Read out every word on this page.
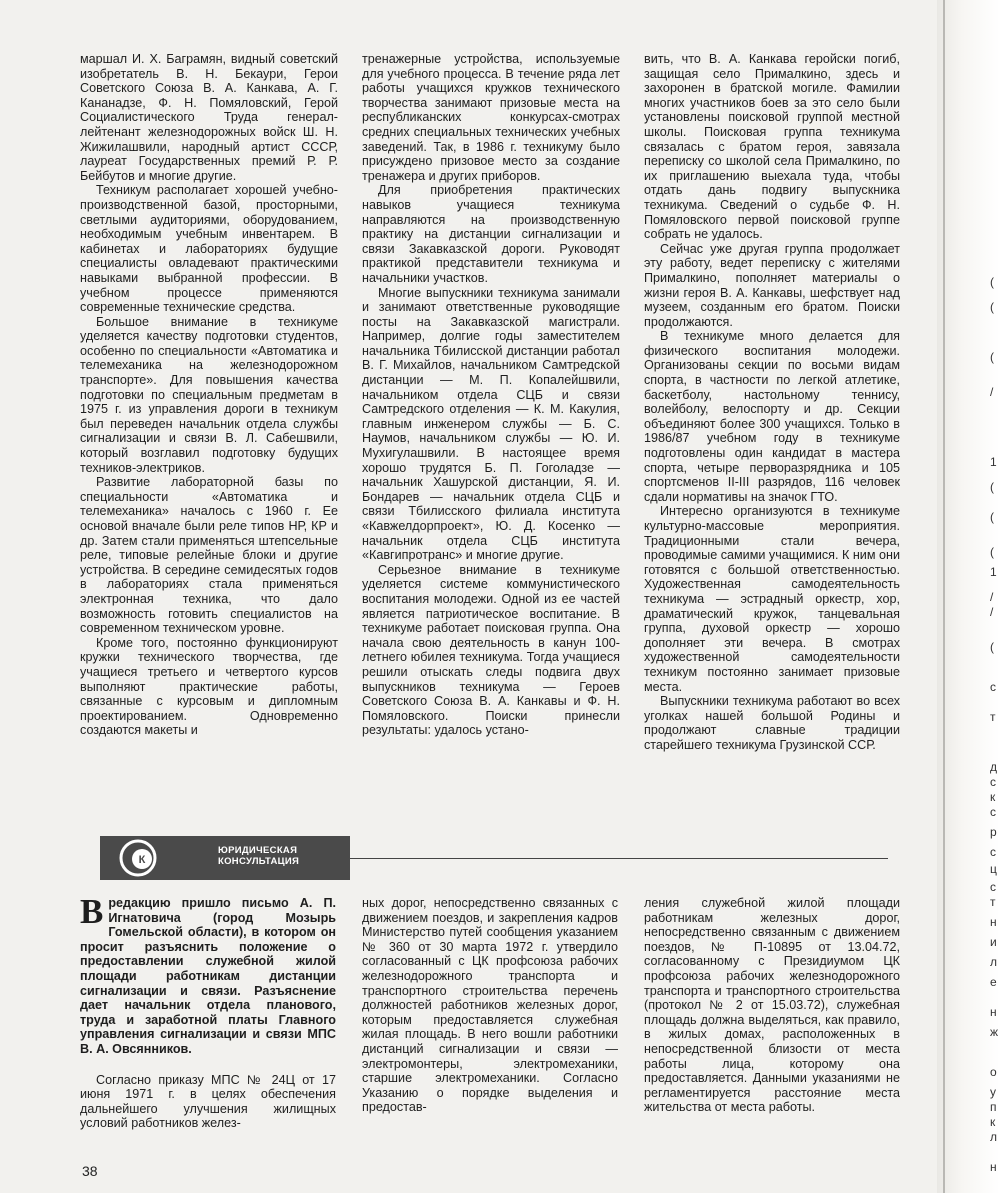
маршал И. Х. Баграмян, видный советский изобретатель В. Н. Бекаури, Герои Советского Союза В. А. Канкава, А. Г. Кананадзе, Ф. Н. Помяловский, Герой Социалистического Труда генерал-лейтенант железнодорожных войск Ш. Н. Жижилашвили, народный артист СССР, лауреат Государственных премий Р. Р. Бейбутов и многие другие.

Техникум располагает хорошей учебно-производственной базой, просторными, светлыми аудиториями, оборудованием, необходимым учебным инвентарем. В кабинетах и лабораториях будущие специалисты овладевают практическими навыками выбранной профессии. В учебном процессе применяются современные технические средства.

Большое внимание в техникуме уделяется качеству подготовки студентов, особенно по специальности «Автоматика и телемеханика на железнодорожном транспорте». Для повышения качества подготовки по специальным предметам в 1975 г. из управления дороги в техникум был переведен начальник отдела службы сигнализации и связи В. Л. Сабешвили, который возглавил подготовку будущих техников-электриков.

Развитие лабораторной базы по специальности «Автоматика и телемеханика» началось с 1960 г. Ее основой вначале были реле типов НР, КР и др. Затем стали применяться штепсельные реле, типовые релейные блоки и другие устройства. В середине семидесятых годов в лабораториях стала применяться электронная техника, что дало возможность готовить специалистов на современном техническом уровне.

Кроме того, постоянно функционируют кружки технического творчества, где учащиеся третьего и четвертого курсов выполняют практические работы, связанные с курсовым и дипломным проектированием. Одновременно создаются макеты и

тренажерные устройства, используемые для учебного процесса. В течение ряда лет работы учащихся кружков технического творчества занимают призовые места на республиканских конкурсах-смотрах средних специальных технических учебных заведений. Так, в 1986 г. техникуму было присуждено призовое место за создание тренажера и других приборов.

Для приобретения практических навыков учащиеся техникума направляются на производственную практику на дистанции сигнализации и связи Закавказской дороги. Руководят практикой представители техникума и начальники участков.

Многие выпускники техникума занимали и занимают ответственные руководящие посты на Закавказской магистрали. Например, долгие годы заместителем начальника Тбилисской дистанции работал В. Г. Михайлов, начальником Самтредской дистанции — М. П. Копалейшвили, начальником отдела СЦБ и связи Самтредского отделения — К. М. Какулия, главным инженером службы — Б. С. Наумов, начальником службы — Ю. И. Мухигулашвили. В настоящее время хорошо трудятся Б. П. Гоголадзе — начальник Хашурской дистанции, Я. И. Бондарев — начальник отдела СЦБ и связи Тбилисского филиала института «Кавжелдорпроект», Ю. Д. Косенко — начальник отдела СЦБ института «Кавгипротранс» и многие другие.

Серьезное внимание в техникуме уделяется системе коммунистического воспитания молодежи. Одной из ее частей является патриотическое воспитание. В техникуме работает поисковая группа. Она начала свою деятельность в канун 100-летнего юбилея техникума. Тогда учащиеся решили отыскать следы подвига двух выпускников техникума — Героев Советского Союза В. А. Канкавы и Ф. Н. Помяловского. Поиски принесли результаты: удалось устано-

вить, что В. А. Канкава геройски погиб, защищая село Прималкино, здесь и захоронен в братской могиле. Фамилии многих участников боев за это село были установлены поисковой группой местной школы. Поисковая группа техникума связалась с братом героя, завязала переписку со школой села Прималкино, по их приглашению выехала туда, чтобы отдать дань подвигу выпускника техникума. Сведений о судьбе Ф. Н. Помяловского первой поисковой группе собрать не удалось.

Сейчас уже другая группа продолжает эту работу, ведет переписку с жителями Прималкино, пополняет материалы о жизни героя В. А. Канкавы, шефствует над музеем, созданным его братом. Поиски продолжаются.

В техникуме много делается для физического воспитания молодежи. Организованы секции по восьми видам спорта, в частности по легкой атлетике, баскетболу, настольному теннису, волейболу, велоспорту и др. Секции объединяют более 300 учащихся. Только в 1986/87 учебном году в техникуме подготовлены один кандидат в мастера спорта, четыре перворазрядника и 105 спортсменов II-III разрядов, 116 человек сдали нормативы на значок ГТО.

Интересно организуются в техникуме культурно-массовые мероприятия. Традиционными стали вечера, проводимые самими учащимися. К ним они готовятся с большой ответственностью. Художественная самодеятельность техникума — эстрадный оркестр, хор, драматический кружок, танцевальная группа, духовой оркестр — хорошо дополняет эти вечера. В смотрах художественной самодеятельности техникум постоянно занимает призовые места.

Выпускники техникума работают во всех уголках нашей большой Родины и продолжают славные традиции старейшего техникума Грузинской ССР.

К
ЮРИДИЧЕСКАЯ КОНСУЛЬТАЦИЯ

Вредакцию пришло письмо А. П. Игнатовича (город Мозырь Гомельской области), в котором он просит разъяснить положение о предоставлении служебной жилой площади работникам дистанции сигнализации и связи. Разъяснение дает начальник отдела планового, труда и заработной платы Главного управления сигнализации и связи МПС В. А. Овсянников.

Согласно приказу МПС № 24Ц от 17 июня 1971 г. в целях обеспечения дальнейшего улучшения жилищных условий работников желез-

ных дорог, непосредственно связанных с движением поездов, и закрепления кадров Министерство путей сообщения указанием № 360 от 30 марта 1972 г. утвердило согласованный с ЦК профсоюза рабочих железнодорожного транспорта и транспортного строительства перечень должностей работников железных дорог, которым предоставляется служебная жилая площадь. В него вошли работники дистанций сигнализации и связи — электромонтеры, электромеханики, старшие электромеханики. Согласно Указанию о порядке выделения и предостав-

ления служебной жилой площади работникам железных дорог, непосредственно связанным с движением поездов, № П-10895 от 13.04.72, согласованному с Президиумом ЦК профсоюза рабочих железнодорожного транспорта и транспортного строительства (протокол № 2 от 15.03.72), служебная площадь должна выделяться, как правило, в жилых домах, расположенных в непосредственной близости от места работы лица, которому она предоставляется. Данными указаниями не регламентируется расстояние места жительства от места работы.

38
(
(
(
/
1
(
(
(
1
/
/
(
с
т
д
с
к
с
р
с
ц
с
т
н
и
л
е
н
ж
о
у
п
к
л
н
